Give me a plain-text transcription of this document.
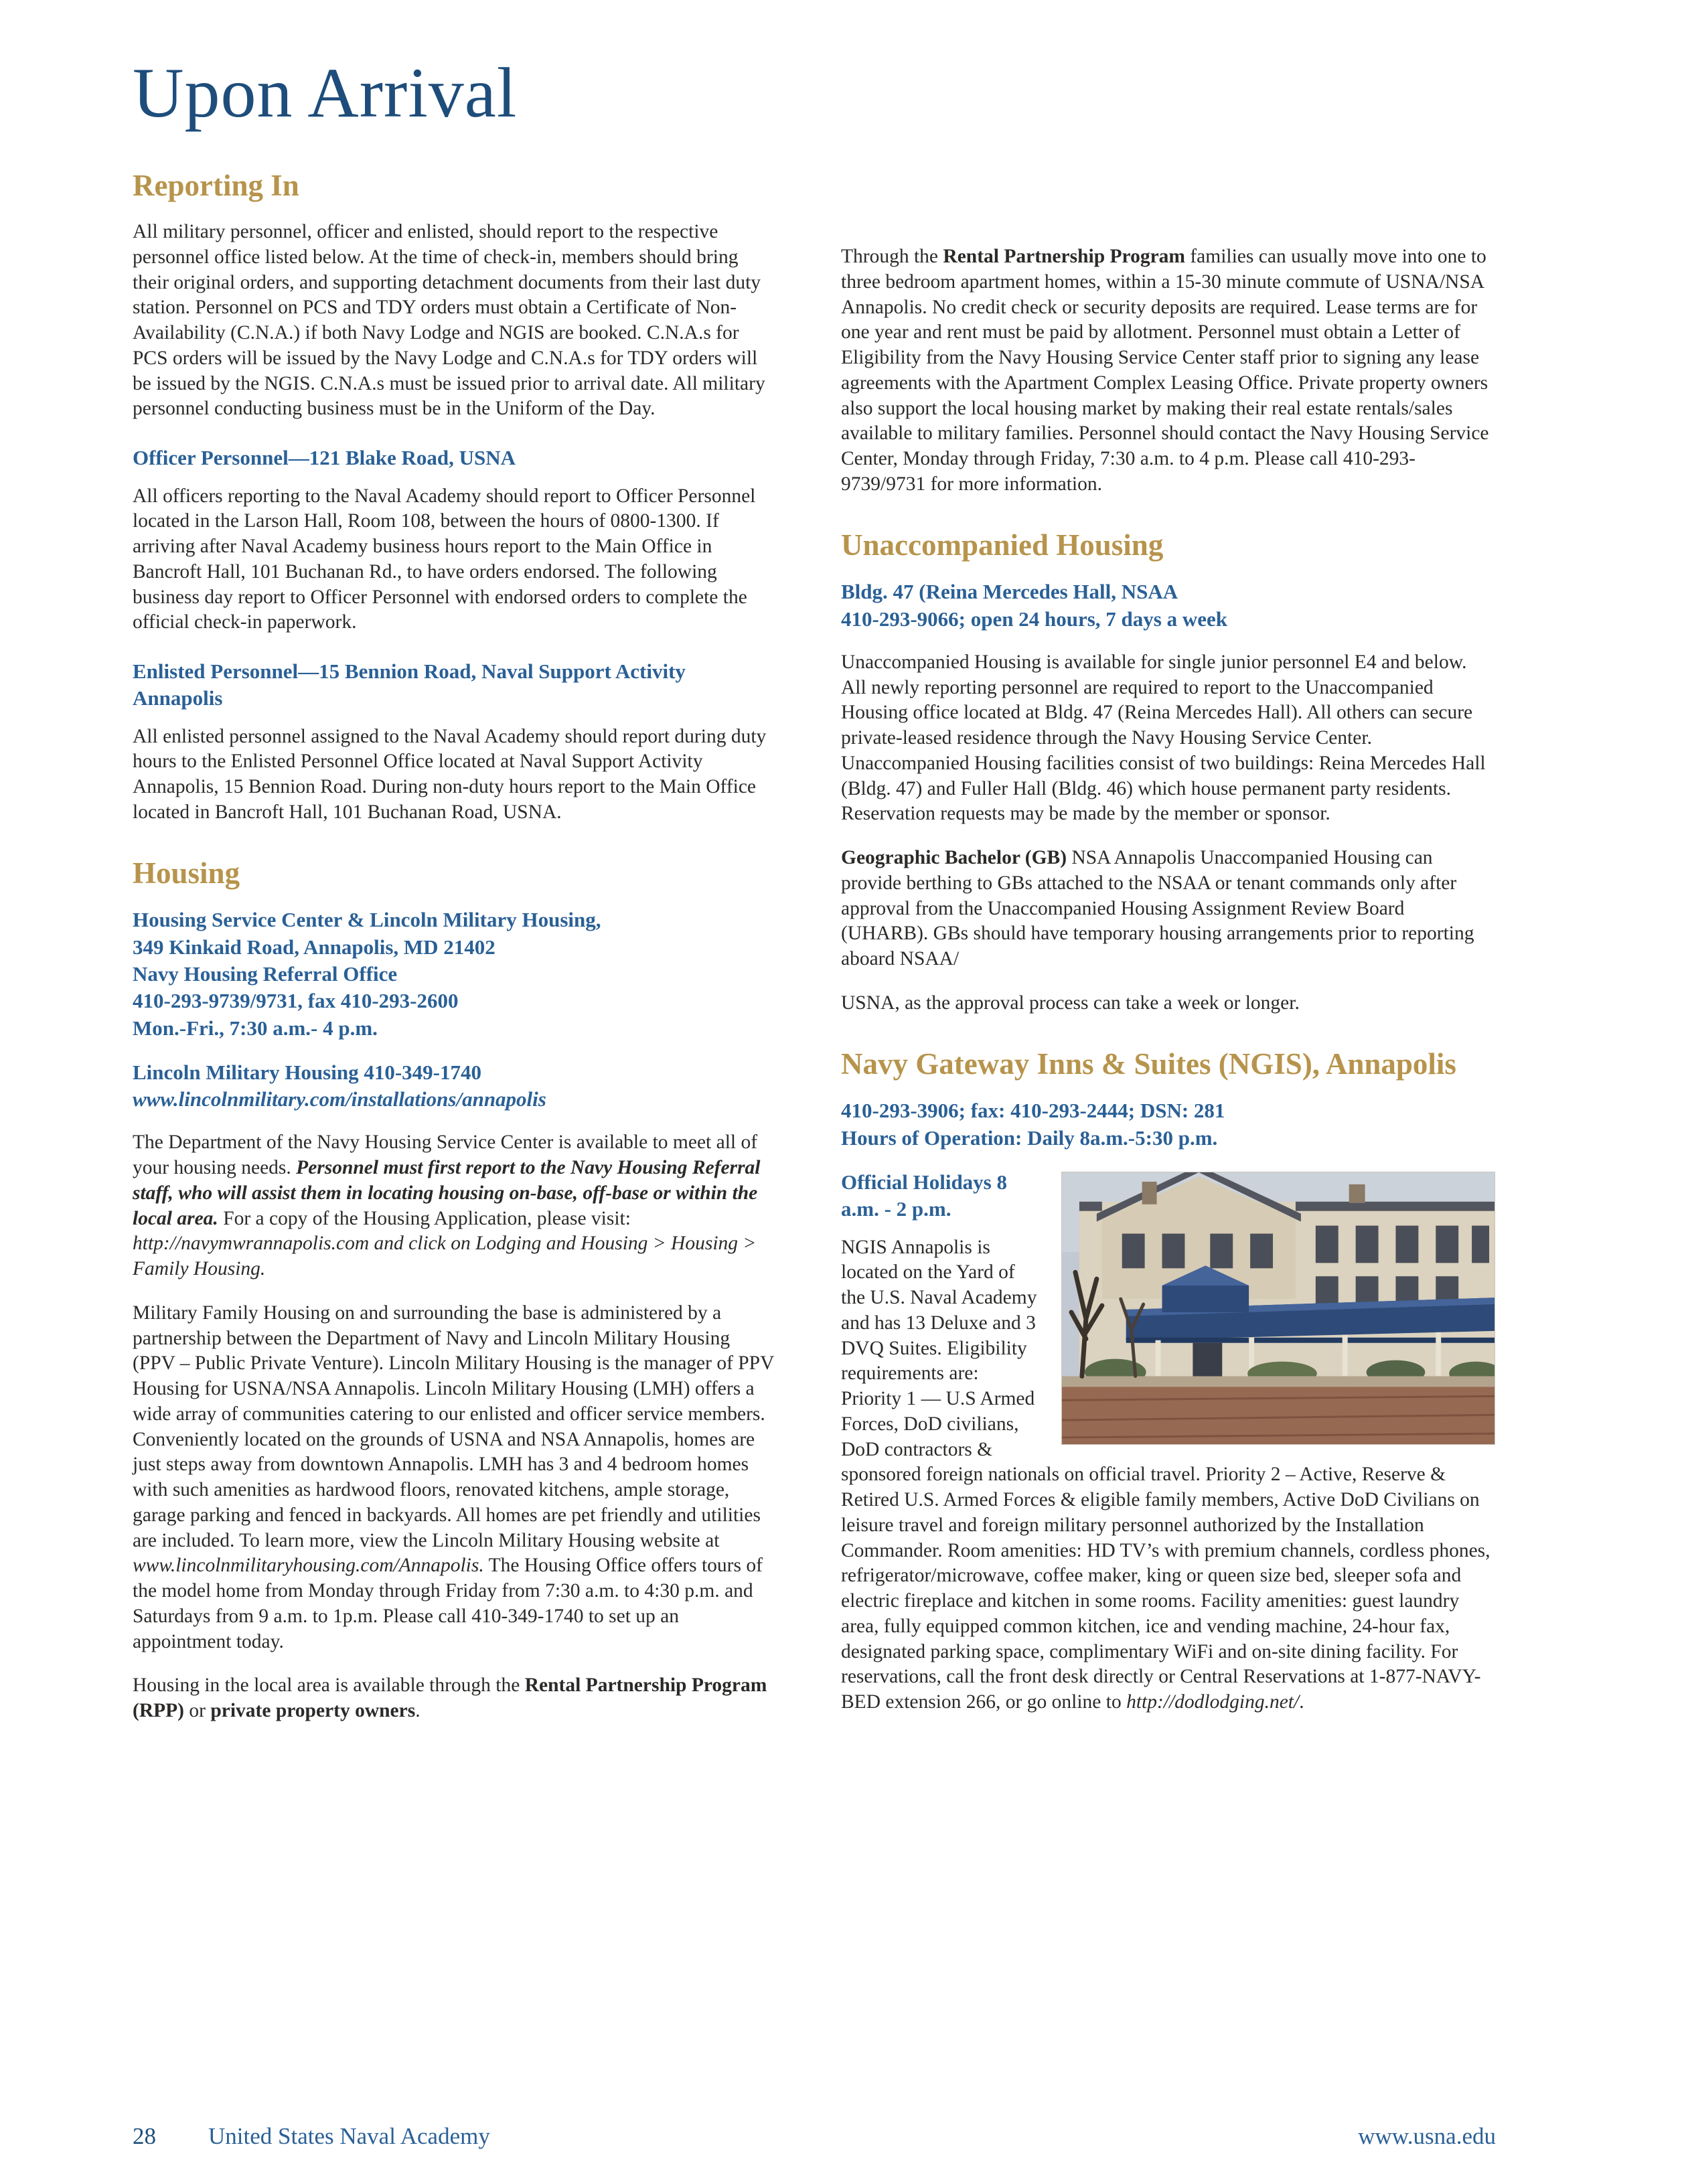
Upon Arrival
Reporting In

All military personnel, officer and enlisted, should report to the respective personnel office listed below. At the time of check-in, members should bring their original orders, and supporting detachment documents from their last duty station. Personnel on PCS and TDY orders must obtain a Certificate of Non-Availability (C.N.A.) if both Navy Lodge and NGIS are booked. C.N.A.s for PCS orders will be issued by the Navy Lodge and C.N.A.s for TDY orders will be issued by the NGIS. C.N.A.s must be issued prior to arrival date. All military personnel conducting business must be in the Uniform of the Day.

Officer Personnel—121 Blake Road, USNA

All officers reporting to the Naval Academy should report to Officer Personnel located in the Larson Hall, Room 108, between the hours of 0800-1300. If arriving after Naval Academy business hours report to the Main Office in Bancroft Hall, 101 Buchanan Rd., to have orders endorsed. The following business day report to Officer Personnel with endorsed orders to complete the official check-in paperwork.

Enlisted Personnel—15 Bennion Road, Naval Support Activity Annapolis

All enlisted personnel assigned to the Naval Academy should report during duty hours to the Enlisted Personnel Office located at Naval Support Activity Annapolis, 15 Bennion Road. During non-duty hours report to the Main Office located in Bancroft Hall, 101 Buchanan Road, USNA.

Housing
Housing Service Center & Lincoln Military Housing,
349 Kinkaid Road, Annapolis, MD 21402
Navy Housing Referral Office
410-293-9739/9731, fax 410-293-2600
Mon.-Fri., 7:30 a.m.- 4 p.m.
Lincoln Military Housing 410-349-1740
www.lincolnmilitary.com/installations/annapolis

The Department of the Navy Housing Service Center is available to meet all of your housing needs. Personnel must first report to the Navy Housing Referral staff, who will assist them in locating housing on-base, off-base or within the local area. For a copy of the Housing Application, please visit: http://navymwrannapolis.com and click on Lodging and Housing > Housing > Family Housing.

Military Family Housing on and surrounding the base is administered by a partnership between the Department of Navy and Lincoln Military Housing (PPV – Public Private Venture). Lincoln Military Housing is the manager of PPV Housing for USNA/NSA Annapolis. Lincoln Military Housing (LMH) offers a wide array of communities catering to our enlisted and officer service members. Conveniently located on the grounds of USNA and NSA Annapolis, homes are just steps away from downtown Annapolis. LMH has 3 and 4 bedroom homes with such amenities as hardwood floors, renovated kitchens, ample storage, garage parking and fenced in backyards. All homes are pet friendly and utilities are included. To learn more, view the Lincoln Military Housing website at www.lincolnmilitaryhousing.com/Annapolis. The Housing Office offers tours of the model home from Monday through Friday from 7:30 a.m. to 4:30 p.m. and Saturdays from 9 a.m. to 1p.m. Please call 410-349-1740 to set up an appointment today.

Housing in the local area is available through the Rental Partnership Program (RPP) or private property owners.

Through the Rental Partnership Program families can usually move into one to three bedroom apartment homes, within a 15-30 minute commute of USNA/NSA Annapolis. No credit check or security deposits are required. Lease terms are for one year and rent must be paid by allotment. Personnel must obtain a Letter of Eligibility from the Navy Housing Service Center staff prior to signing any lease agreements with the Apartment Complex Leasing Office. Private property owners also support the local housing market by making their real estate rentals/sales available to military families. Personnel should contact the Navy Housing Service Center, Monday through Friday, 7:30 a.m. to 4 p.m. Please call 410-293-9739/9731 for more information.

Unaccompanied Housing
Bldg. 47 (Reina Mercedes Hall, NSAA
410-293-9066; open 24 hours, 7 days a week

Unaccompanied Housing is available for single junior personnel E4 and below. All newly reporting personnel are required to report to the Unaccompanied Housing office located at Bldg. 47 (Reina Mercedes Hall). All others can secure private-leased residence through the Navy Housing Service Center. Unaccompanied Housing facilities consist of two buildings: Reina Mercedes Hall (Bldg. 47) and Fuller Hall (Bldg. 46) which house permanent party residents. Reservation requests may be made by the member or sponsor.

Geographic Bachelor (GB) NSA Annapolis Unaccompanied Housing can provide berthing to GBs attached to the NSAA or tenant commands only after approval from the Unaccompanied Housing Assignment Review Board (UHARB). GBs should have temporary housing arrangements prior to reporting aboard NSAA/

USNA, as the approval process can take a week or longer.

Navy Gateway Inns & Suites (NGIS), Annapolis
410-293-3906; fax: 410-293-2444; DSN: 281
Hours of Operation: Daily 8a.m.-5:30 p.m.
Official Holidays 8 a.m. - 2 p.m.

NGIS Annapolis is located on the Yard of the U.S. Naval Academy and has 13 Deluxe and 3 DVQ Suites. Eligibility requirements are: Priority 1 — U.S Armed Forces, DoD civilians, DoD contractors & sponsored foreign nationals on official travel. Priority 2 – Active, Reserve & Retired U.S. Armed Forces & eligible family members, Active DoD Civilians on leisure travel and foreign military personnel authorized by the Installation Commander. Room amenities: HD TV’s with premium channels, cordless phones, refrigerator/microwave, coffee maker, king or queen size bed, sleeper sofa and electric fireplace and kitchen in some rooms. Facility amenities: guest laundry area, fully equipped common kitchen, ice and vending machine, 24-hour fax, designated parking space, complimentary WiFi and on-site dining facility. For reservations, call the front desk directly or Central Reservations at 1-877-NAVY-BED extension 266, or go online to http://dodlodging.net/.

28 United States Naval Academy	www.usna.edu
